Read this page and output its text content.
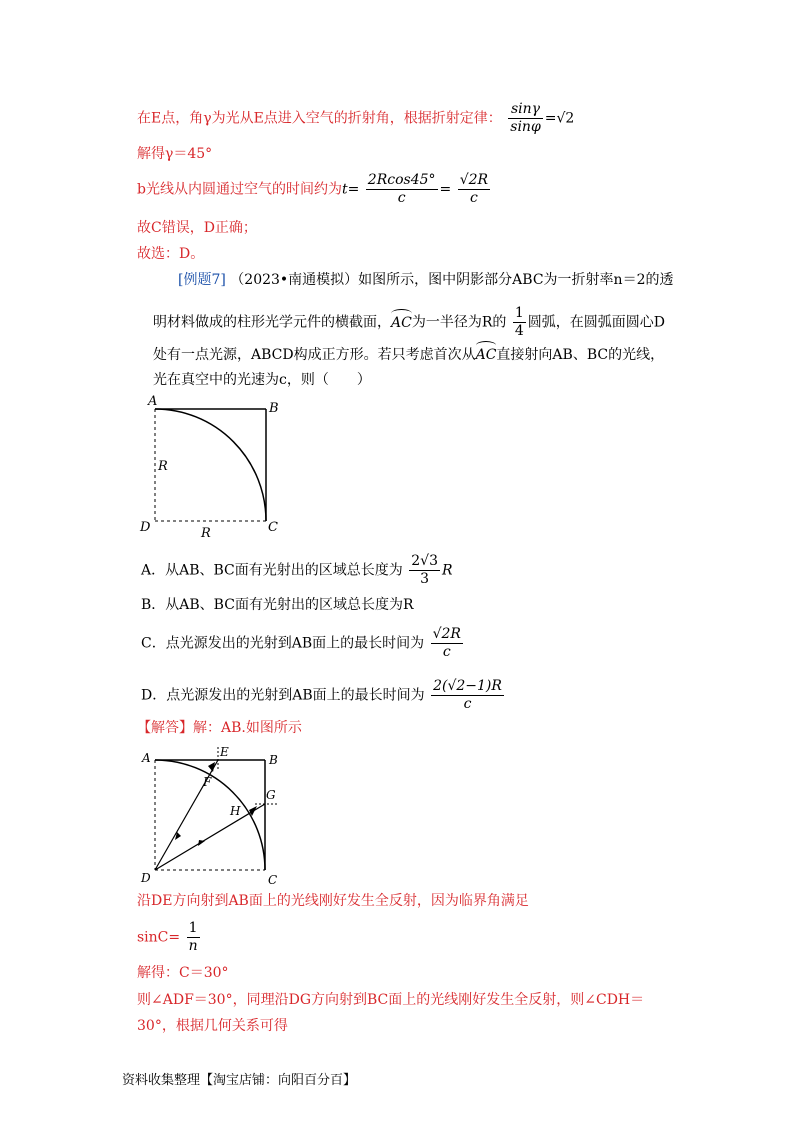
在E点，角γ为光从E点进入空气的折射角，根据折射定律： $\frac{\sin\gamma}{\sin\varphi} =√2$
解得γ＝45°
b光线从内圆通过空气的时间约为$t= \frac{2Rcos45^\circ}{c} = \frac{√2R}{c}$
故C错误，D正确；
故选：D。
[例题7] （2023•南通模拟）如图所示，图中阴影部分ABC为一折射率n＝2的透
明材料做成的柱形光学元件的横截面，AC为一半径为R的 $\frac{1}{4}$ 圆弧，在圆弧面圆心D
处有一点光源，ABCD构成正方形。若只考虑首次从AC直接射向AB、BC的光线，
光在真空中的光速为c，则（　　）
A	B
C
D
R
R
A．从AB、BC面有光射出的区域总长度为 $\frac{2√3}{3}$ R
B．从AB、BC面有光射出的区域总长度为R
C．点光源发出的光射到AB面上的最长时间为 $\frac{√2R}{c}$
D．点光源发出的光射到AB面上的最长时间为 $\frac{2(√2-1)R}{c}$
【解答】解：AB.如图所示
A	B
C
D
E
F
G
H
沿DE方向射到AB面上的光线刚好发生全反射，因为临界角满足
$\sin C= \frac{1}{n}$
解得：C＝30°
则∠ADF＝30°，同理沿DG方向射到BC面上的光线刚好发生全反射，则∠CDH＝
30°，根据几何关系可得
资料收集整理【淘宝店铺：向阳百分百】
